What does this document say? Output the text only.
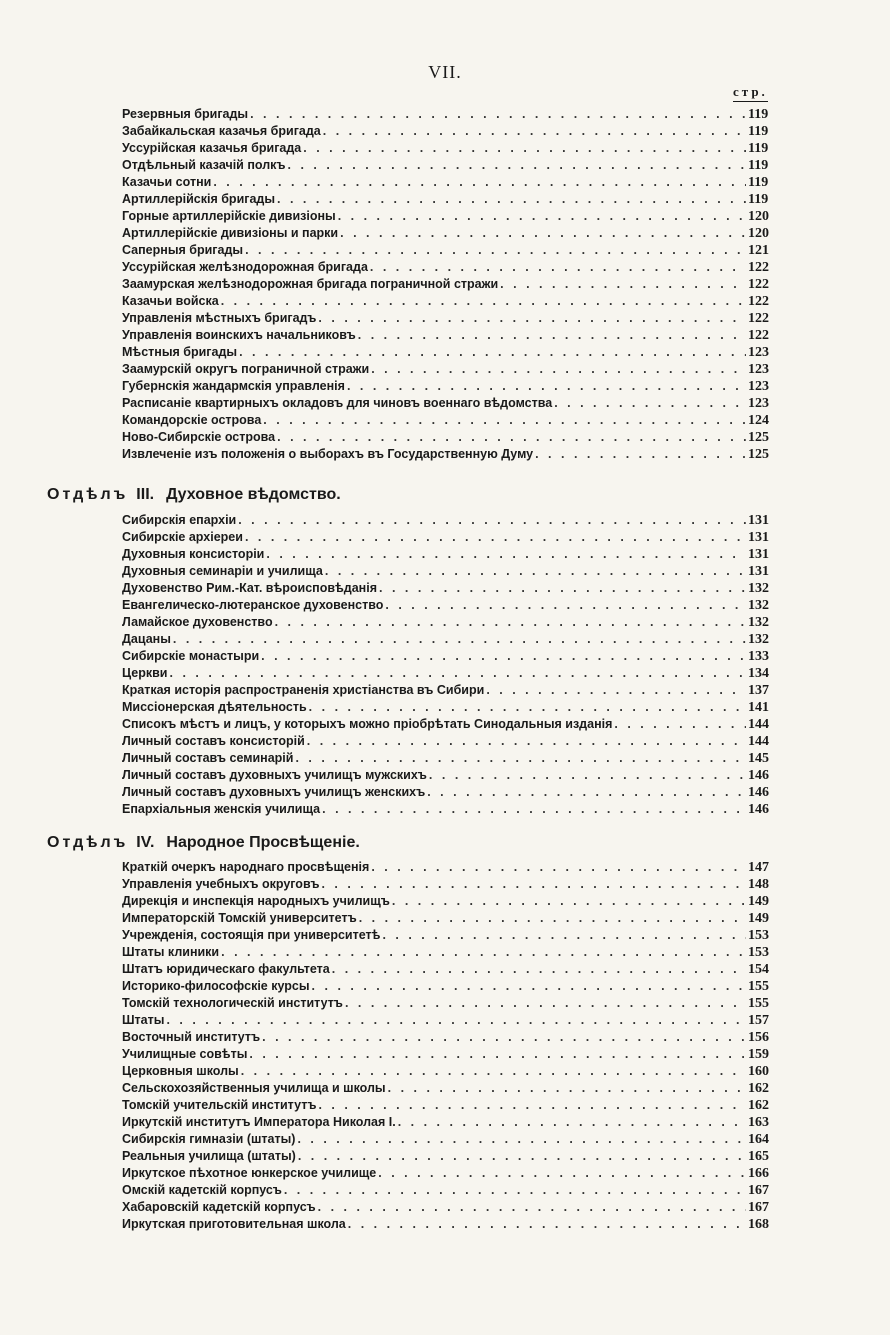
VII.
стр.
Резервныя бригады . . .	119
Забайкальская казачья бригада . . .	119
Уссурійская казачья бригада . . .	119
Отдѣльный казачій полкъ . . .	119
Казачьи сотни . . .	119
Артиллерійскія бригады . . .	119
Горные артиллерійскіе дивизіоны . . .	120
Артиллерійскіе дивизіоны и парки . . .	120
Саперныя бригады . . .	121
Уссурійская желѣзнодорожная бригада . . .	122
Заамурская желѣзнодорожная бригада пограничной стражи . . .	122
Казачьи войска . . .	122
Управленія мѣстныхъ бригадъ . . .	122
Управленія воинскихъ начальниковъ . . .	122
Мѣстныя бригады . . .	123
Заамурскій округъ пограничной стражи . . .	123
Губернскія жандармскія управленія . . .	123
Расписаніе квартирныхъ окладовъ для чиновъ военнаго вѣдомства . . .	123
Командорскіе острова . . .	124
Ново-Сибирскіе острова . . .	125
Извлеченіе изъ положенія о выборахъ въ Государственную Думу . . .	125
Отдѣлъ III. Духовное вѣдомство.
Сибирскія епархіи . . .	131
Сибирскіе архіереи . . .	131
Духовныя консисторіи . . .	131
Духовныя семинаріи и училища . . .	131
Духовенство Рим.-Кат. вѣроисповѣданія . . .	132
Евангелическо-лютеранское духовенство . . .	132
Ламайское духовенство . . .	132
Дацаны . . .	132
Сибирскіе монастыри . . .	133
Церкви . . .	134
Краткая исторія распространенія христіанства въ Сибири . . .	137
Миссіонерская дѣятельность . . .	141
Списокъ мѣстъ и лицъ, у которыхъ можно пріобрѣтать Синодальныя изданія . . .	144
Личный составъ консисторій . . .	144
Личный составъ семинарій . . .	145
Личный составъ духовныхъ училищъ мужскихъ . . .	146
Личный составъ духовныхъ училищъ женскихъ . . .	146
Епархіальныя женскія училища . . .	146
Отдѣлъ IV. Народное Просвѣщеніе.
Краткій очеркъ народнаго просвѣщенія . . .	147
Управленія учебныхъ округовъ . . .	148
Дирекція и инспекція народныхъ училищъ . . .	149
Императорскій Томскій университетъ . . .	149
Учрежденія, состоящія при университетѣ . . .	153
Штаты клиники . . .	153
Штатъ юридическаго факультета . . .	154
Историко-философскіе курсы . . .	155
Томскій технологическій институтъ . . .	155
Штаты . . .	157
Восточный институтъ . . .	156
Училищные совѣты . . .	159
Церковныя школы . . .	160
Сельскохозяйственныя училища и школы . . .	162
Томскій учительскій институтъ . . .	162
Иркутскій институтъ Императора Николая I. . . .	163
Сибирскія гимназіи (штаты) . . .	164
Реальныя училища (штаты) . . .	165
Иркутское пѣхотное юнкерское училище . . .	166
Омскій кадетскій корпусъ . . .	167
Хабаровскій кадетскій корпусъ . . .	167
Иркутская приготовительная школа . . .	168
